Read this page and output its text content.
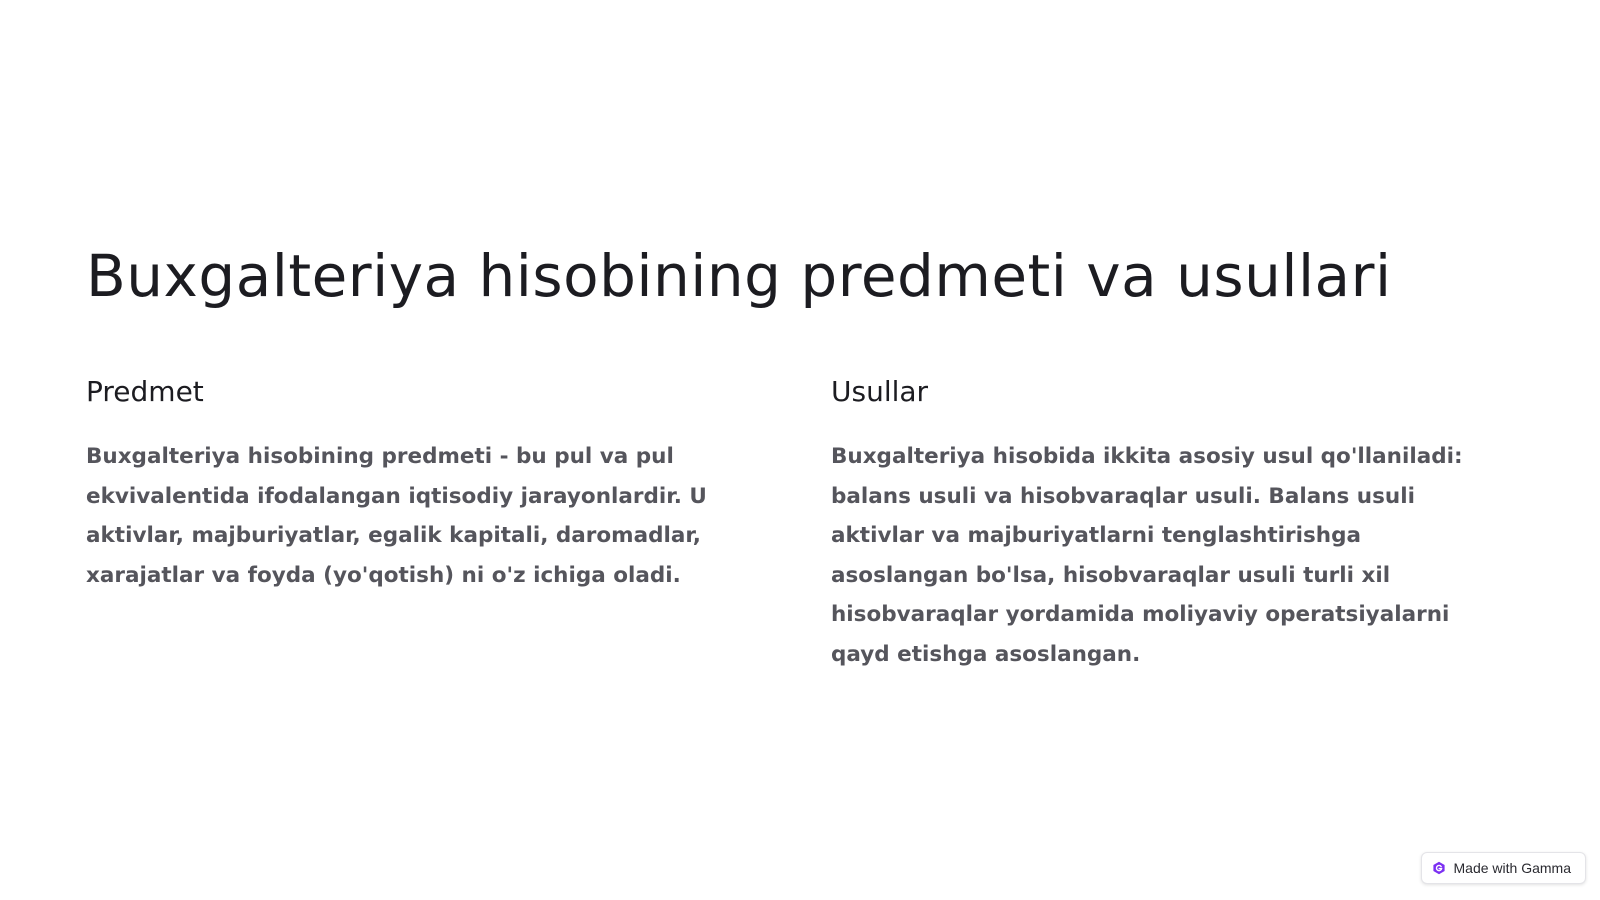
Buxgalteriya hisobining predmeti va usullari
Predmet

Buxgalteriya hisobining predmeti - bu pul va pul ekvivalentida ifodalangan iqtisodiy jarayonlardir. U aktivlar, majburiyatlar, egalik kapitali, daromadlar, xarajatlar va foyda (yo'qotish) ni o'z ichiga oladi.

Usullar

Buxgalteriya hisobida ikkita asosiy usul qo'llaniladi: balans usuli va hisobvaraqlar usuli. Balans usuli aktivlar va majburiyatlarni tenglashtirishga asoslangan bo'lsa, hisobvaraqlar usuli turli xil hisobvaraqlar yordamida moliyaviy operatsiyalarni qayd etishga asoslangan.

Made with Gamma
